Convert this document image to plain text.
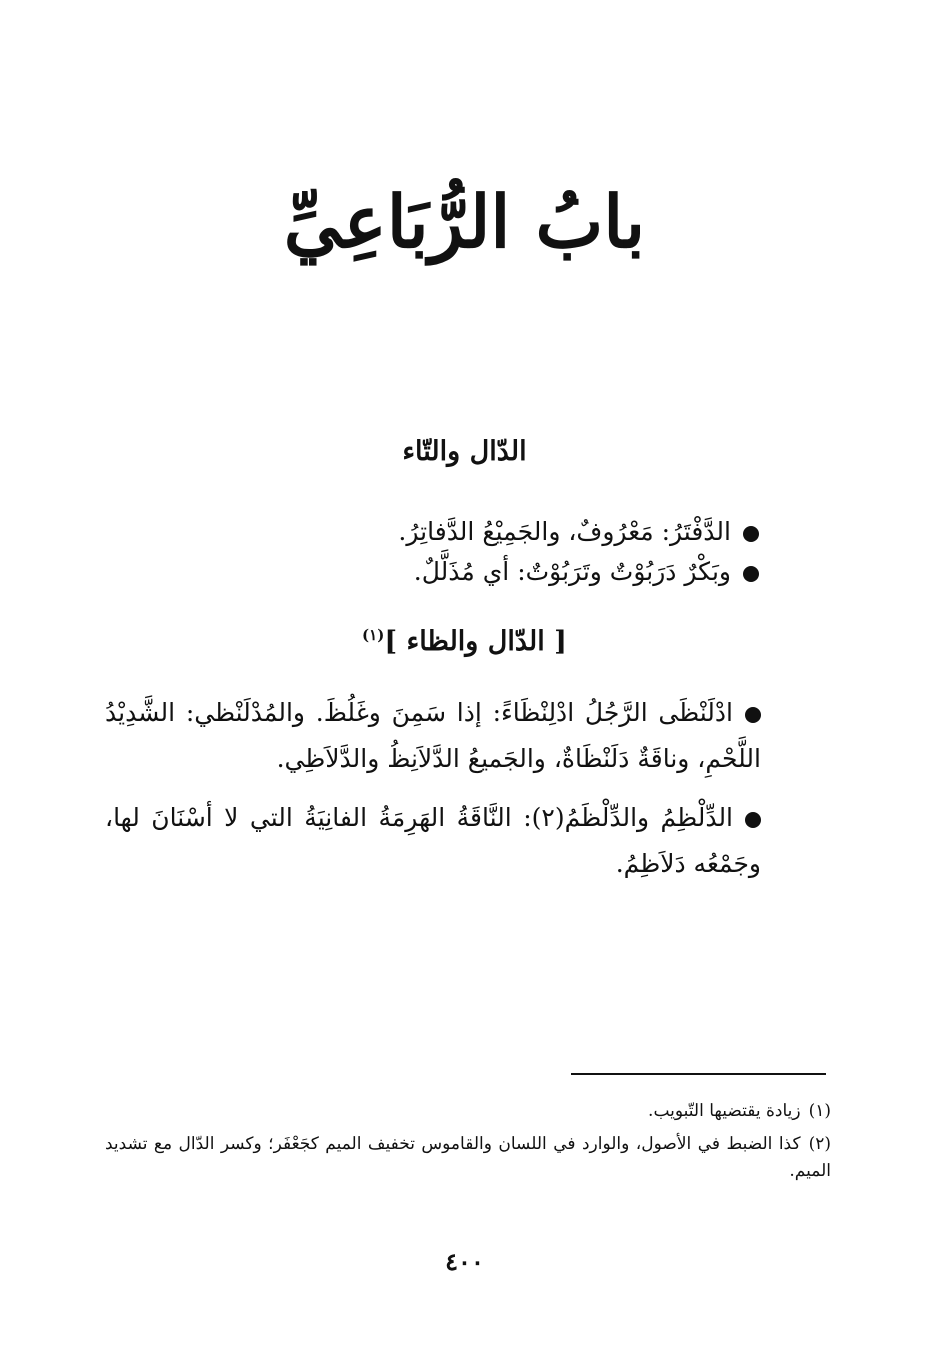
بابُ الرُّبَاعِيِّ
الدّال والتّاء

الدَّفْتَرُ: مَعْرُوفٌ، والجَمِيْعُ الدَّفاتِرُ.

وبَكْرٌ دَرَبُوْتٌ وتَرَبُوْتٌ: أي مُذَلَّلٌ.

[ الدّال والظاء ]$^{(١)}$
ادْلَنْظَى الرَّجُلُ ادْلِنْظَاءً: إذا سَمِنَ وغَلُظَ. والمُدْلَنْظي: الشَّدِيْدُ اللَّحْمِ، وناقَةٌ دَلَنْظَاةٌ، والجَميعُ الدَّلاَنِظُ والدَّلاَظِي.
الدِّلْظِمُ والدِّلْظَمُ(٢): النَّاقَةُ الهَرِمَةُ الفانِيَةُ التي لا أسْنَانَ لها، وجَمْعُه دَلاَظِمُ.

(١)زيادة يقتضيها التّبويب.

(٢)كذا الضبط في الأصول، والوارد في اللسان والقاموس تخفيف الميم كجَعْفَر؛ وكسر الدّال مع تشديد الميم.

٤٠٠
